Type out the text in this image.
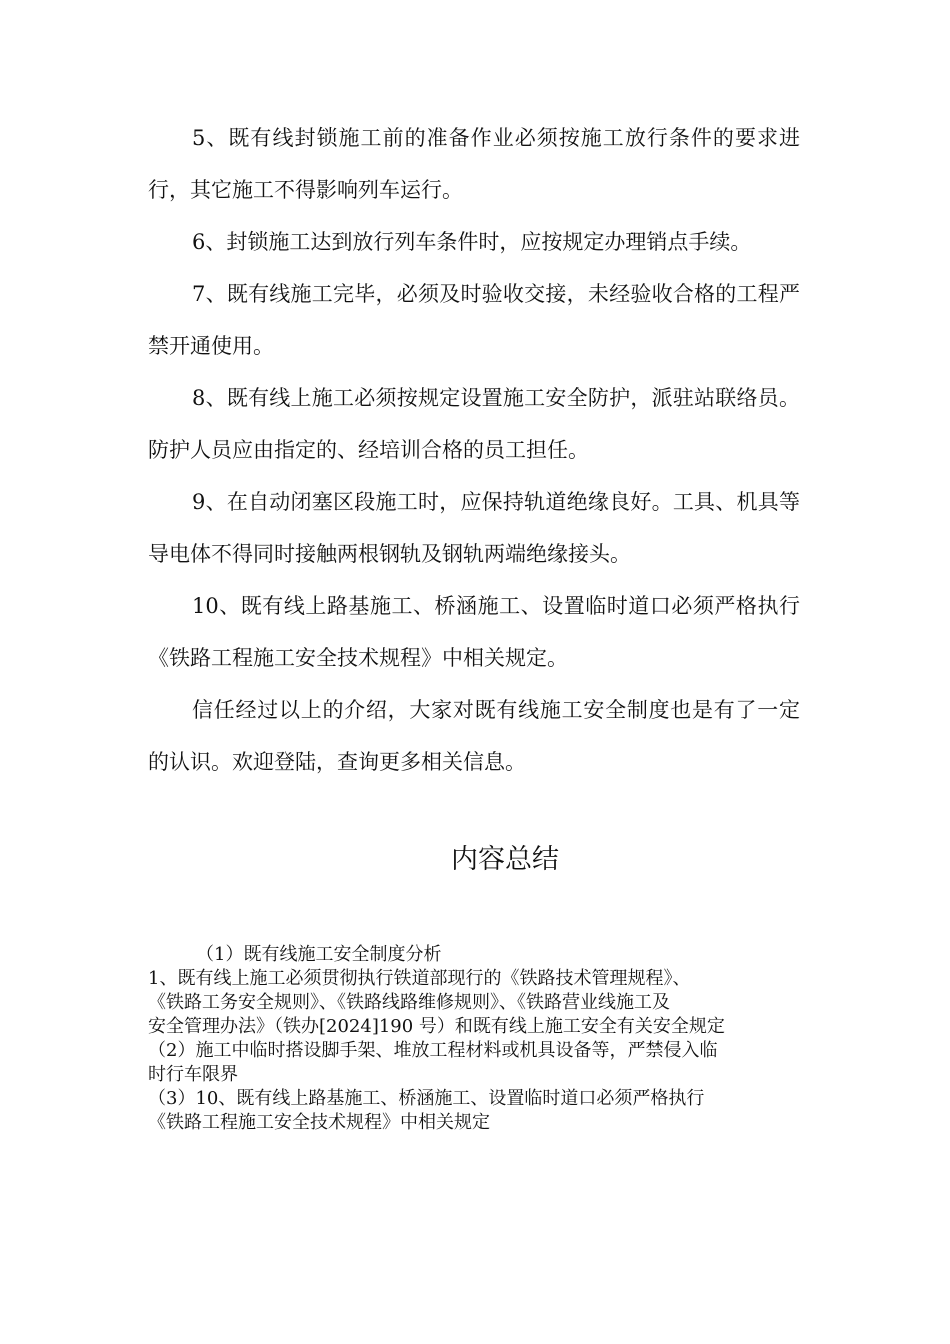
5、既有线封锁施工前的准备作业必须按施工放行条件的要求进行，其它施工不得影响列车运行。

6、封锁施工达到放行列车条件时，应按规定办理销点手续。

7、既有线施工完毕，必须及时验收交接，未经验收合格的工程严禁开通使用。

8、既有线上施工必须按规定设置施工安全防护，派驻站联络员。防护人员应由指定的、经培训合格的员工担任。

9、在自动闭塞区段施工时，应保持轨道绝缘良好。工具、机具等导电体不得同时接触两根钢轨及钢轨两端绝缘接头。

10、既有线上路基施工、桥涵施工、设置临时道口必须严格执行《铁路工程施工安全技术规程》中相关规定。

信任经过以上的介绍，大家对既有线施工安全制度也是有了一定的认识。欢迎登陆，查询更多相关信息。

内容总结
（1）既有线施工安全制度分析
1、既有线上施工必须贯彻执行铁道部现行的《铁路技术管理规程》、
《铁路工务安全规则》、《铁路线路维修规则》、《铁路营业线施工及
安全管理办法》（铁办[2024]190 号）和既有线上施工安全有关安全规定
（2）施工中临时搭设脚手架、堆放工程材料或机具设备等，严禁侵入临
时行车限界
（3）10、既有线上路基施工、桥涵施工、设置临时道口必须严格执行
《铁路工程施工安全技术规程》中相关规定
